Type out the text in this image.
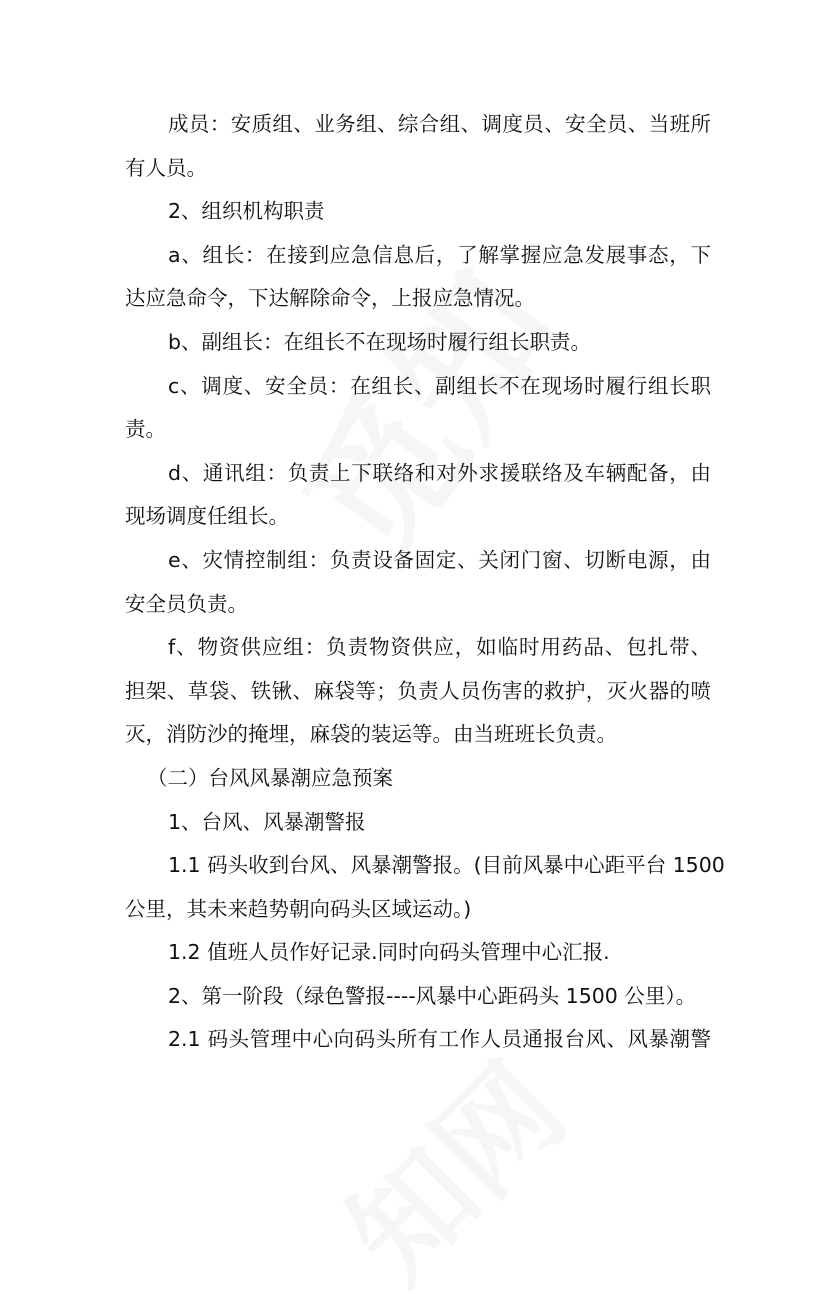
成员：安质组、业务组、综合组、调度员、安全员、当班所
有人员。
2、组织机构职责
a、组长：在接到应急信息后，了解掌握应急发展事态，下
达应急命令，下达解除命令，上报应急情况。
b、副组长：在组长不在现场时履行组长职责。
c、调度、安全员：在组长、副组长不在现场时履行组长职
责。
d、通讯组：负责上下联络和对外求援联络及车辆配备，由
现场调度任组长。
e、灾情控制组：负责设备固定、关闭门窗、切断电源，由
安全员负责。
f、物资供应组：负责物资供应，如临时用药品、包扎带、
担架、草袋、铁锹、麻袋等；负责人员伤害的救护，灭火器的喷
灭，消防沙的掩埋，麻袋的装运等。由当班班长负责。
（二）台风风暴潮应急预案
1、台风、风暴潮警报
1.1 码头收到台风、风暴潮警报。(目前风暴中心距平台 1500
公里，其未来趋势朝向码头区域运动。)
1.2 值班人员作好记录.同时向码头管理中心汇报.
2、第一阶段（绿色警报----风暴中心距码头 1500 公里）。
2.1 码头管理中心向码头所有工作人员通报台风、风暴潮警
